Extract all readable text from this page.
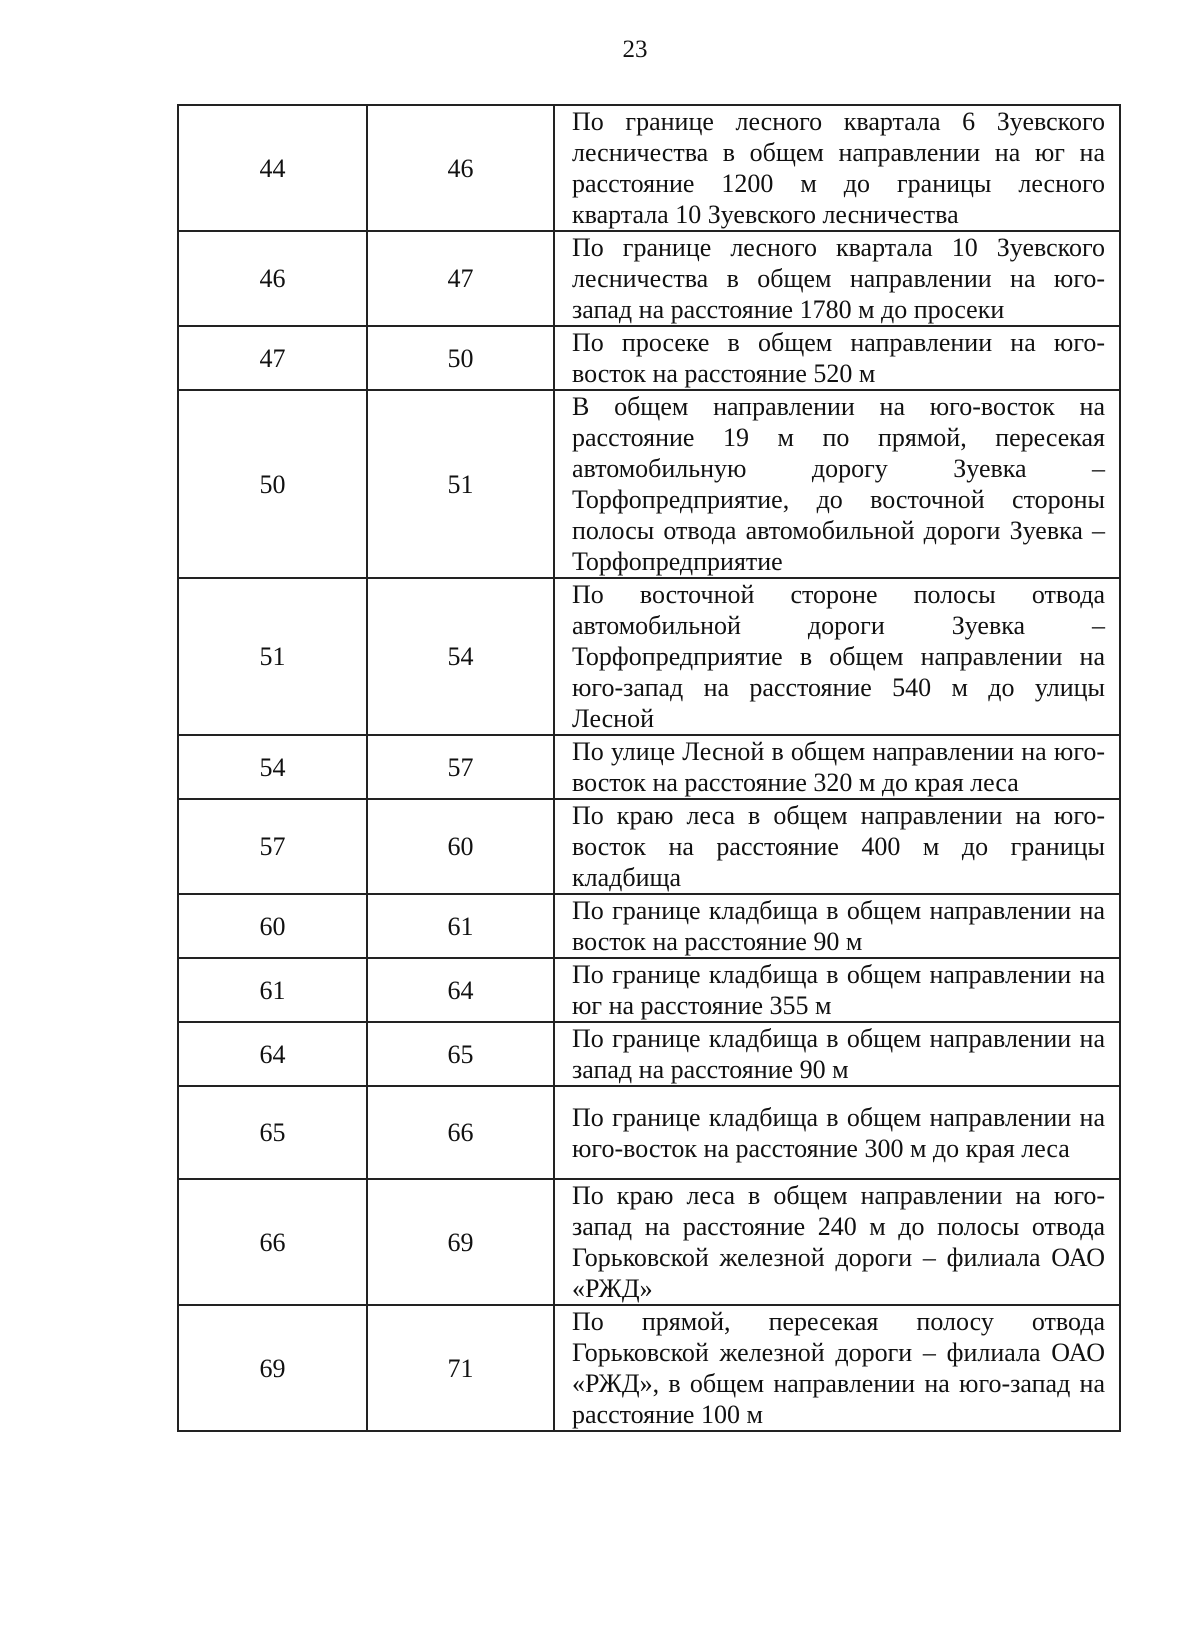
23
44	46	По границе лесного квартала 6 Зуевского лесничества в общем направлении на юг на расстояние 1200 м до границы лесного квартала 10 Зуевского лесничества

46	47	По границе лесного квартала 10 Зуевского лесничества в общем направлении на юго-запад на расстояние 1780 м до просеки

47	50	По просеке в общем направлении на юго-восток на расстояние 520 м

50	51	В общем направлении на юго-восток на расстояние 19 м по прямой, пересекая автомобильную дорогу Зуевка – Торфопредприятие, до восточной стороны полосы отвода автомобильной дороги Зуевка – Торфопредприятие

51	54	По восточной стороне полосы отвода автомобильной дороги Зуевка – Торфопредприятие в общем направлении на юго-запад на расстояние 540 м до улицы Лесной

54	57	По улице Лесной в общем направлении на юго-восток на расстояние 320 м до края леса

57	60	По краю леса в общем направлении на юго-восток на расстояние 400 м до границы кладбища

60	61	По границе кладбища в общем направлении на восток на расстояние 90 м

61	64	По границе кладбища в общем направлении на юг на расстояние 355 м

64	65	По границе кладбища в общем направлении на запад на расстояние 90 м

65	66	По границе кладбища в общем направлении на юго-восток на расстояние 300 м до края леса

66	69	По краю леса в общем направлении на юго-запад на расстояние 240 м до полосы отвода Горьковской железной дороги – филиала ОАО «РЖД»

69	71	По прямой, пересекая полосу отвода Горьковской железной дороги – филиала ОАО «РЖД», в общем направлении на юго-запад на расстояние 100 м
